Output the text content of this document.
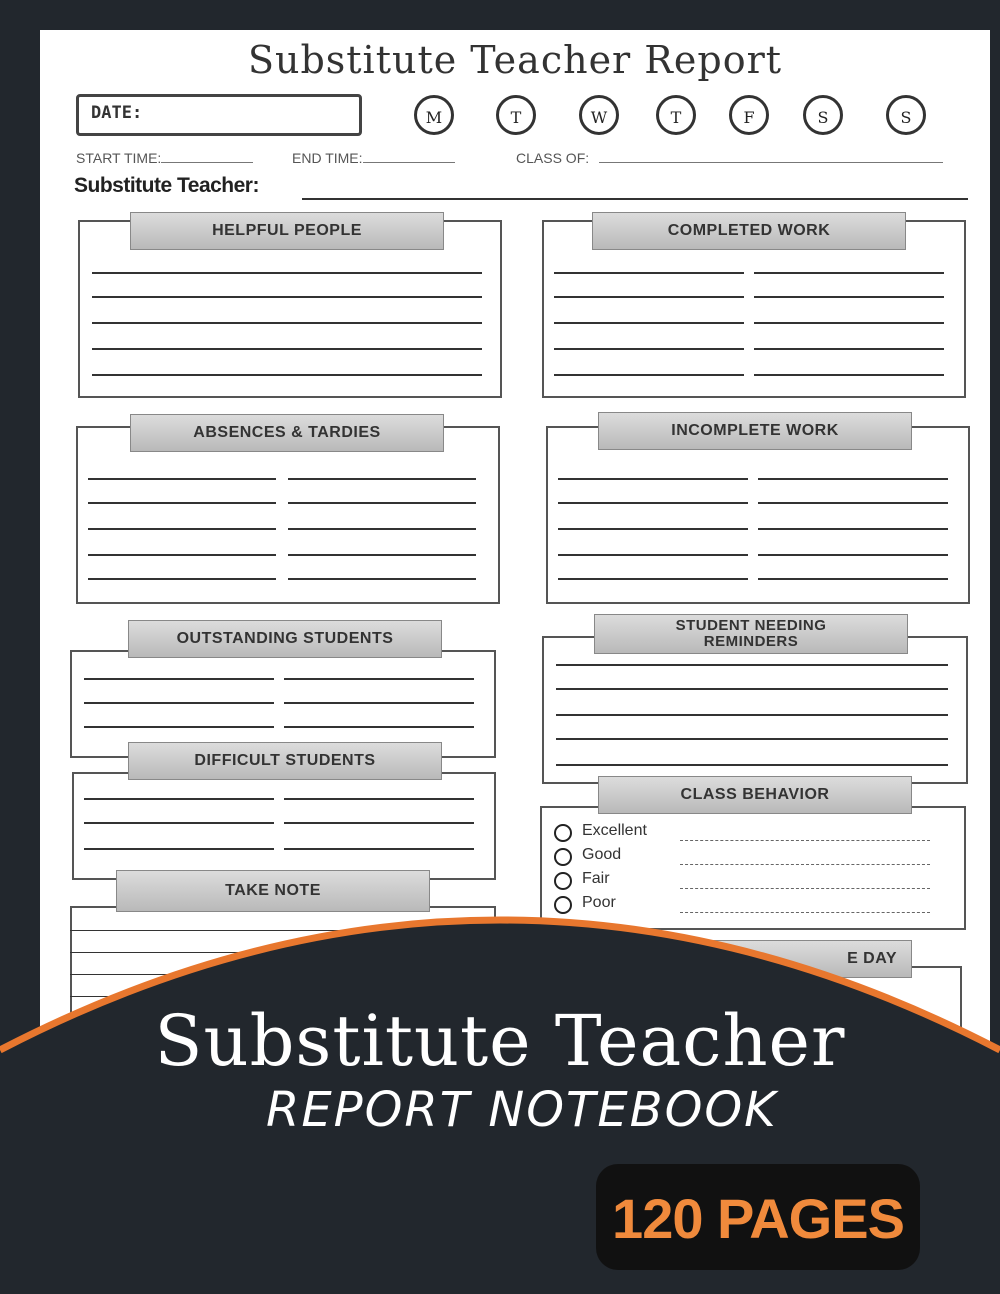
Substitute Teacher Report
DATE:	M	T	W	T	F	S	S
START TIME:	END TIME:	CLASS OF:
Substitute Teacher:
HELPFUL PEOPLE	COMPLETED WORK
ABSENCES & TARDIES	INCOMPLETE WORK
OUTSTANDING STUDENTS
STUDENT NEEDING
REMINDERS
DIFFICULT STUDENTS
CLASS BEHAVIOR
Excellent
Good
Fair
Poor
TAKE NOTE
E DAY
Substitute Teacher
REPORT NOTEBOOK
120 PAGES
